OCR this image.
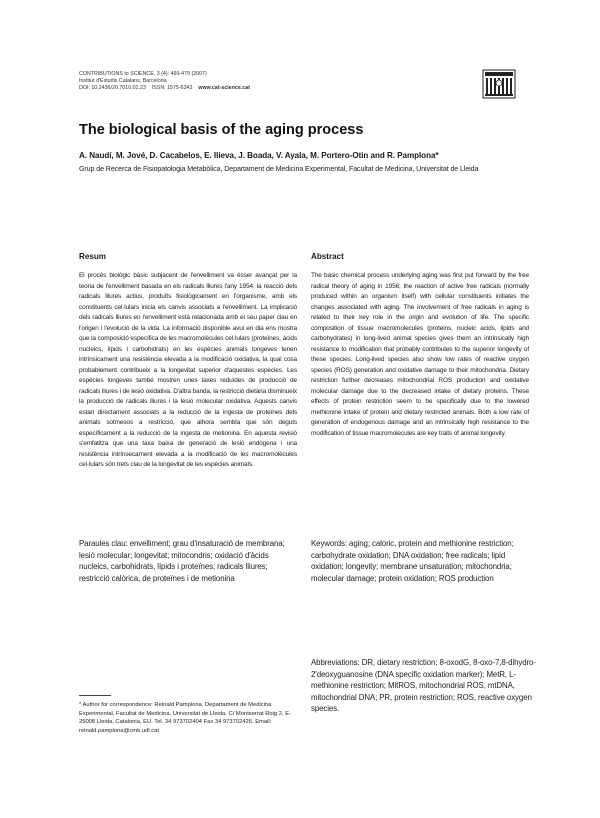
CONTRIBUTIONS to SCIENCE, 3 (4): 469-479 (2007)
Institut d'Estudis Catalans, Barcelona
DOI: 10.2436/20.7010.01.23 ISSN: 1575-6343 www.cat-science.cat
The biological basis of the aging process
A. Naudí, M. Jové, D. Cacabelos, E. Ilieva, J. Boada, V. Ayala, M. Portero-Otin and R. Pamplona*
Grup de Recerca de Fisiopatologia Metabòlica, Departament de Medicina Experimental, Facultat de Medicina, Universitat de Lleida
Resum
El procés biològic bàsic subjacent de l'envelliment va ésser avançat per la teoria de l'envelliment basada en els radicals lliures l'any 1954: la reacció dels radicals lliures actius, produïts fisiològicament en l'organisme, amb els constituents cel·lulars inicia els canvis associats a l'envelliment. La implicació dels radicals lliures en l'envelliment està relacionada amb el seu paper clau en l'origen i l'evolució de la vida. La informació disponible avui en dia ens mostra que la composició específica de les macromolècules cel·lulars (proteïnes, àcids nucleics, lípids i carbohidrats) en les espècies animals longeves tenen intrínsicament una resistència elevada a la modificació oxidativa, la qual cosa probablement contribueix a la longevitat superior d'aquestes espècies. Les espècies longeves també mostren unes taxes reduïdes de producció de radicals lliures i de lesió oxidativa. D'altra banda, la restricció dietària disminueix la producció de radicals lliures i la lesió molecular oxidativa. Aquests canvis estan directament associats a la reducció de la ingesta de proteïnes dels animals sotmesos a restricció, que alhora sembla que són deguts específicament a la reducció de la ingesta de metionina. En aquesta revisió s'emfatitza que una taxa baixa de generació de lesió endògena i una resistència intrínsecament elevada a la modificació de les macromolècules cel·lulars són trets clau de la longevitat de les espècies animals.
Abstract
The basic chemical process underlying aging was first put forward by the free radical theory of aging in 1956; the reaction of active free radicals (normally produced within an organism itself) with cellular constituents initiates the changes associated with aging. The involvement of free radicals in aging is related to their key role in the origin and evolution of life. The specific composition of tissue macromolecules (proteins, nucleic acids, lipids and carbohydrates) in long-lived animal species gives them an intrinsically high resistance to modification that probably contributes to the superior longevity of these species. Long-lived species also show low rates of reactive oxygen species (ROS) generation and oxidative damage to their mitochondria. Dietary restriction further decreases mitochondrial ROS production and oxidative molecular damage due to the decreased intake of dietary proteins. These effects of protein restriction seem to be specifically due to the lowered methionine intake of protein and dietary restricted animals. Both a low rate of generation of endogenous damage and an intrinsically high resistance to the modification of tissue macromolecules are key traits of animal longevity.
Paraules clau: envelliment; grau d'insaturació de membrana; lesió molecular; longevitat; mitocondris; oxidació d'àcids nucleics, carbohidrats, lípids i proteïnes; radicals lliures; restricció calòrica, de proteïnes i de metionina
Keywords: aging; caloric, protein and methionine restriction; carbohydrate oxidation; DNA oxidation; free radicals; lipid oxidation; longevity; membrane unsaturation; mitochondria; molecular damage; protein oxidation; ROS production
Abbreviations: DR, dietary restriction; 8-oxodG, 8-oxo-7,8-dihydro-2'deoxyguanosine (DNA specific oxidation marker); MetR, L-methionine restriction; MitROS, mitochondrial ROS; mtDNA, mitochondrial DNA; PR, protein restriction; ROS, reactive oxygen species.
* Author for correspondence: Reinald Pamplona. Departament de Medicina Experimental, Facultat de Medicina, Universitat de Lleida. C/ Montserrat Roig 2, E-25008 Lleida, Catalonia, EU. Tel. 34 973702404 Fax 34 973702426. Email: reinald.pamplona@cmb.udl.cat
